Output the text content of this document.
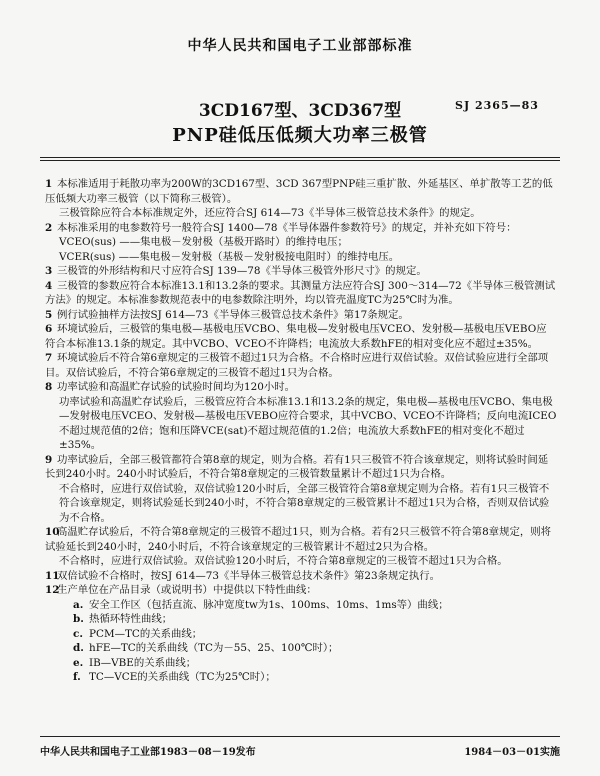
中华人民共和国电子工业部部标准
3CD167型、3CD367型	SJ 2365—83
PNP硅低压低频大功率三极管

1 本标准适用于耗散功率为200W的3CD167型、3CD 367型PNP硅三重扩散、外延基区、单扩散等工艺的低压低频大功率三极管（以下简称三极管）。

三极管除应符合本标准规定外，还应符合SJ 614—73《半导体三极管总技术条件》的规定。

2 本标准采用的电参数符号一般符合SJ 1400—78《半导体器件参数符号》的规定，并补充如下符号：

VCEO(sus) ——集电极－发射极（基极开路时）的维持电压；

VCER(sus) ——集电极－发射极（基极－发射极接电阻时）的维持电压。

3 三极管的外形结构和尺寸应符合SJ 139—78《半导体三极管外形尺寸》的规定。

4 三极管的参数应符合本标准13.1和13.2条的要求。其测量方法应符合SJ 300～314—72《半导体三极管测试方法》的规定。本标准参数规范表中的电参数除注明外，均以管壳温度TC为25℃时为准。

5 例行试验抽样方法按SJ 614—73《半导体三极管总技术条件》第17条规定。

6 环境试验后，三极管的集电极—基极电压VCBO、集电极—发射极电压VCEO、发射极—基极电压VEBO应符合本标准13.1条的规定。其中VCBO、VCEO不许降档；电流放大系数hFE的相对变化应不超过±35%。

7 环境试验后不符合第6章规定的三极管不超过1只为合格。不合格时应进行双倍试验。双倍试验应进行全部项目。双倍试验后，不符合第6章规定的三极管不超过1只为合格。

8 功率试验和高温贮存试验的试验时间均为120小时。

功率试验和高温贮存试验后，三极管应符合本标准13.1和13.2条的规定，集电极—基极电压VCBO、集电极—发射极电压VCEO、发射极—基极电压VEBO应符合要求，其中VCBO、VCEO不许降档；反向电流ICEO不超过规范值的2倍；饱和压降VCE(sat)不超过规范值的1.2倍；电流放大系数hFE的相对变化不超过±35%。

9 功率试验后，全部三极管都符合第8章的规定，则为合格。若有1只三极管不符合该章规定，则将试验时间延长到240小时。240小时试验后，不符合第8章规定的三极管数量累计不超过1只为合格。

不合格时，应进行双倍试验，双倍试验120小时后，全部三极管符合第8章规定则为合格。若有1只三极管不符合该章规定，则将试验延长到240小时，不符合第8章规定的三极管累计不超过1只为合格，否则双倍试验为不合格。

10高温贮存试验后，不符合第8章规定的三极管不超过1只，则为合格。若有2只三极管不符合第8章规定，则将试验延长到240小时，240小时后，不符合该章规定的三极管累计不超过2只为合格。

不合格时，应进行双倍试验。双倍试验120小时后，不符合第8章规定的三极管不超过1只为合格。

11双倍试验不合格时，按SJ 614—73《半导体三极管总技术条件》第23条规定执行。

12生产单位在产品目录（或说明书）中提供以下特性曲线：

a. 安全工作区（包括直流、脉冲宽度tw为1s、100ms、10ms、1ms等）曲线；

b. 热循环特性曲线；

c. PCM—TC的关系曲线；

d. hFE—TC的关系曲线（TC为－55、25、100℃时）；

e. IB—VBE的关系曲线；

f. TC—VCE的关系曲线（TC为25℃时）；

中华人民共和国电子工业部1983－08－19发布	1984－03－01实施
